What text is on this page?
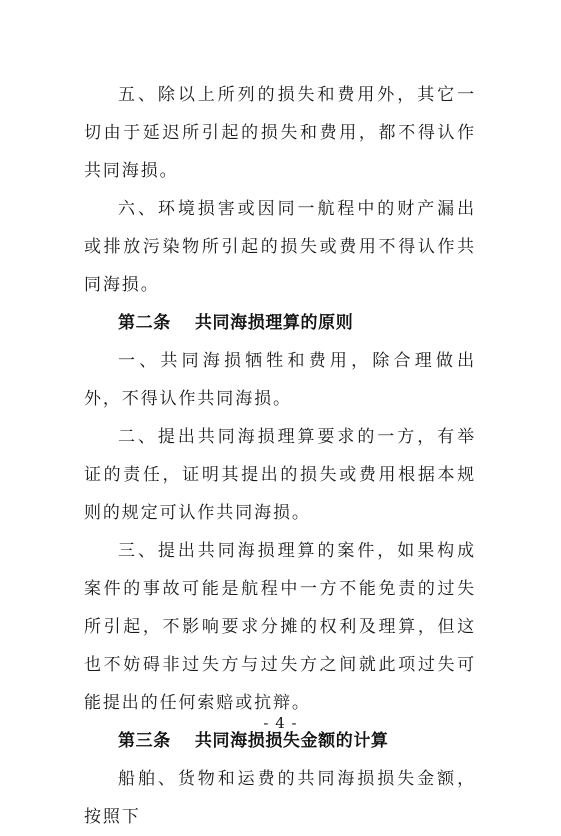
五、除以上所列的损失和费用外，其它一切由于延迟所引起的损失和费用，都不得认作共同海损。

六、环境损害或因同一航程中的财产漏出或排放污染物所引起的损失或费用不得认作共同海损。

第二条　 共同海损理算的原则

一、共同海损牺牲和费用，除合理做出外，不得认作共同海损。

二、提出共同海损理算要求的一方，有举证的责任，证明其提出的损失或费用根据本规则的规定可认作共同海损。

三、提出共同海损理算的案件，如果构成案件的事故可能是航程中一方不能免责的过失所引起，不影响要求分摊的权利及理算，但这也不妨碍非过失方与过失方之间就此项过失可能提出的任何索赔或抗辩。

第三条　 共同海损损失金额的计算

船舶、货物和运费的共同海损损失金额，按照下

- 4 -
